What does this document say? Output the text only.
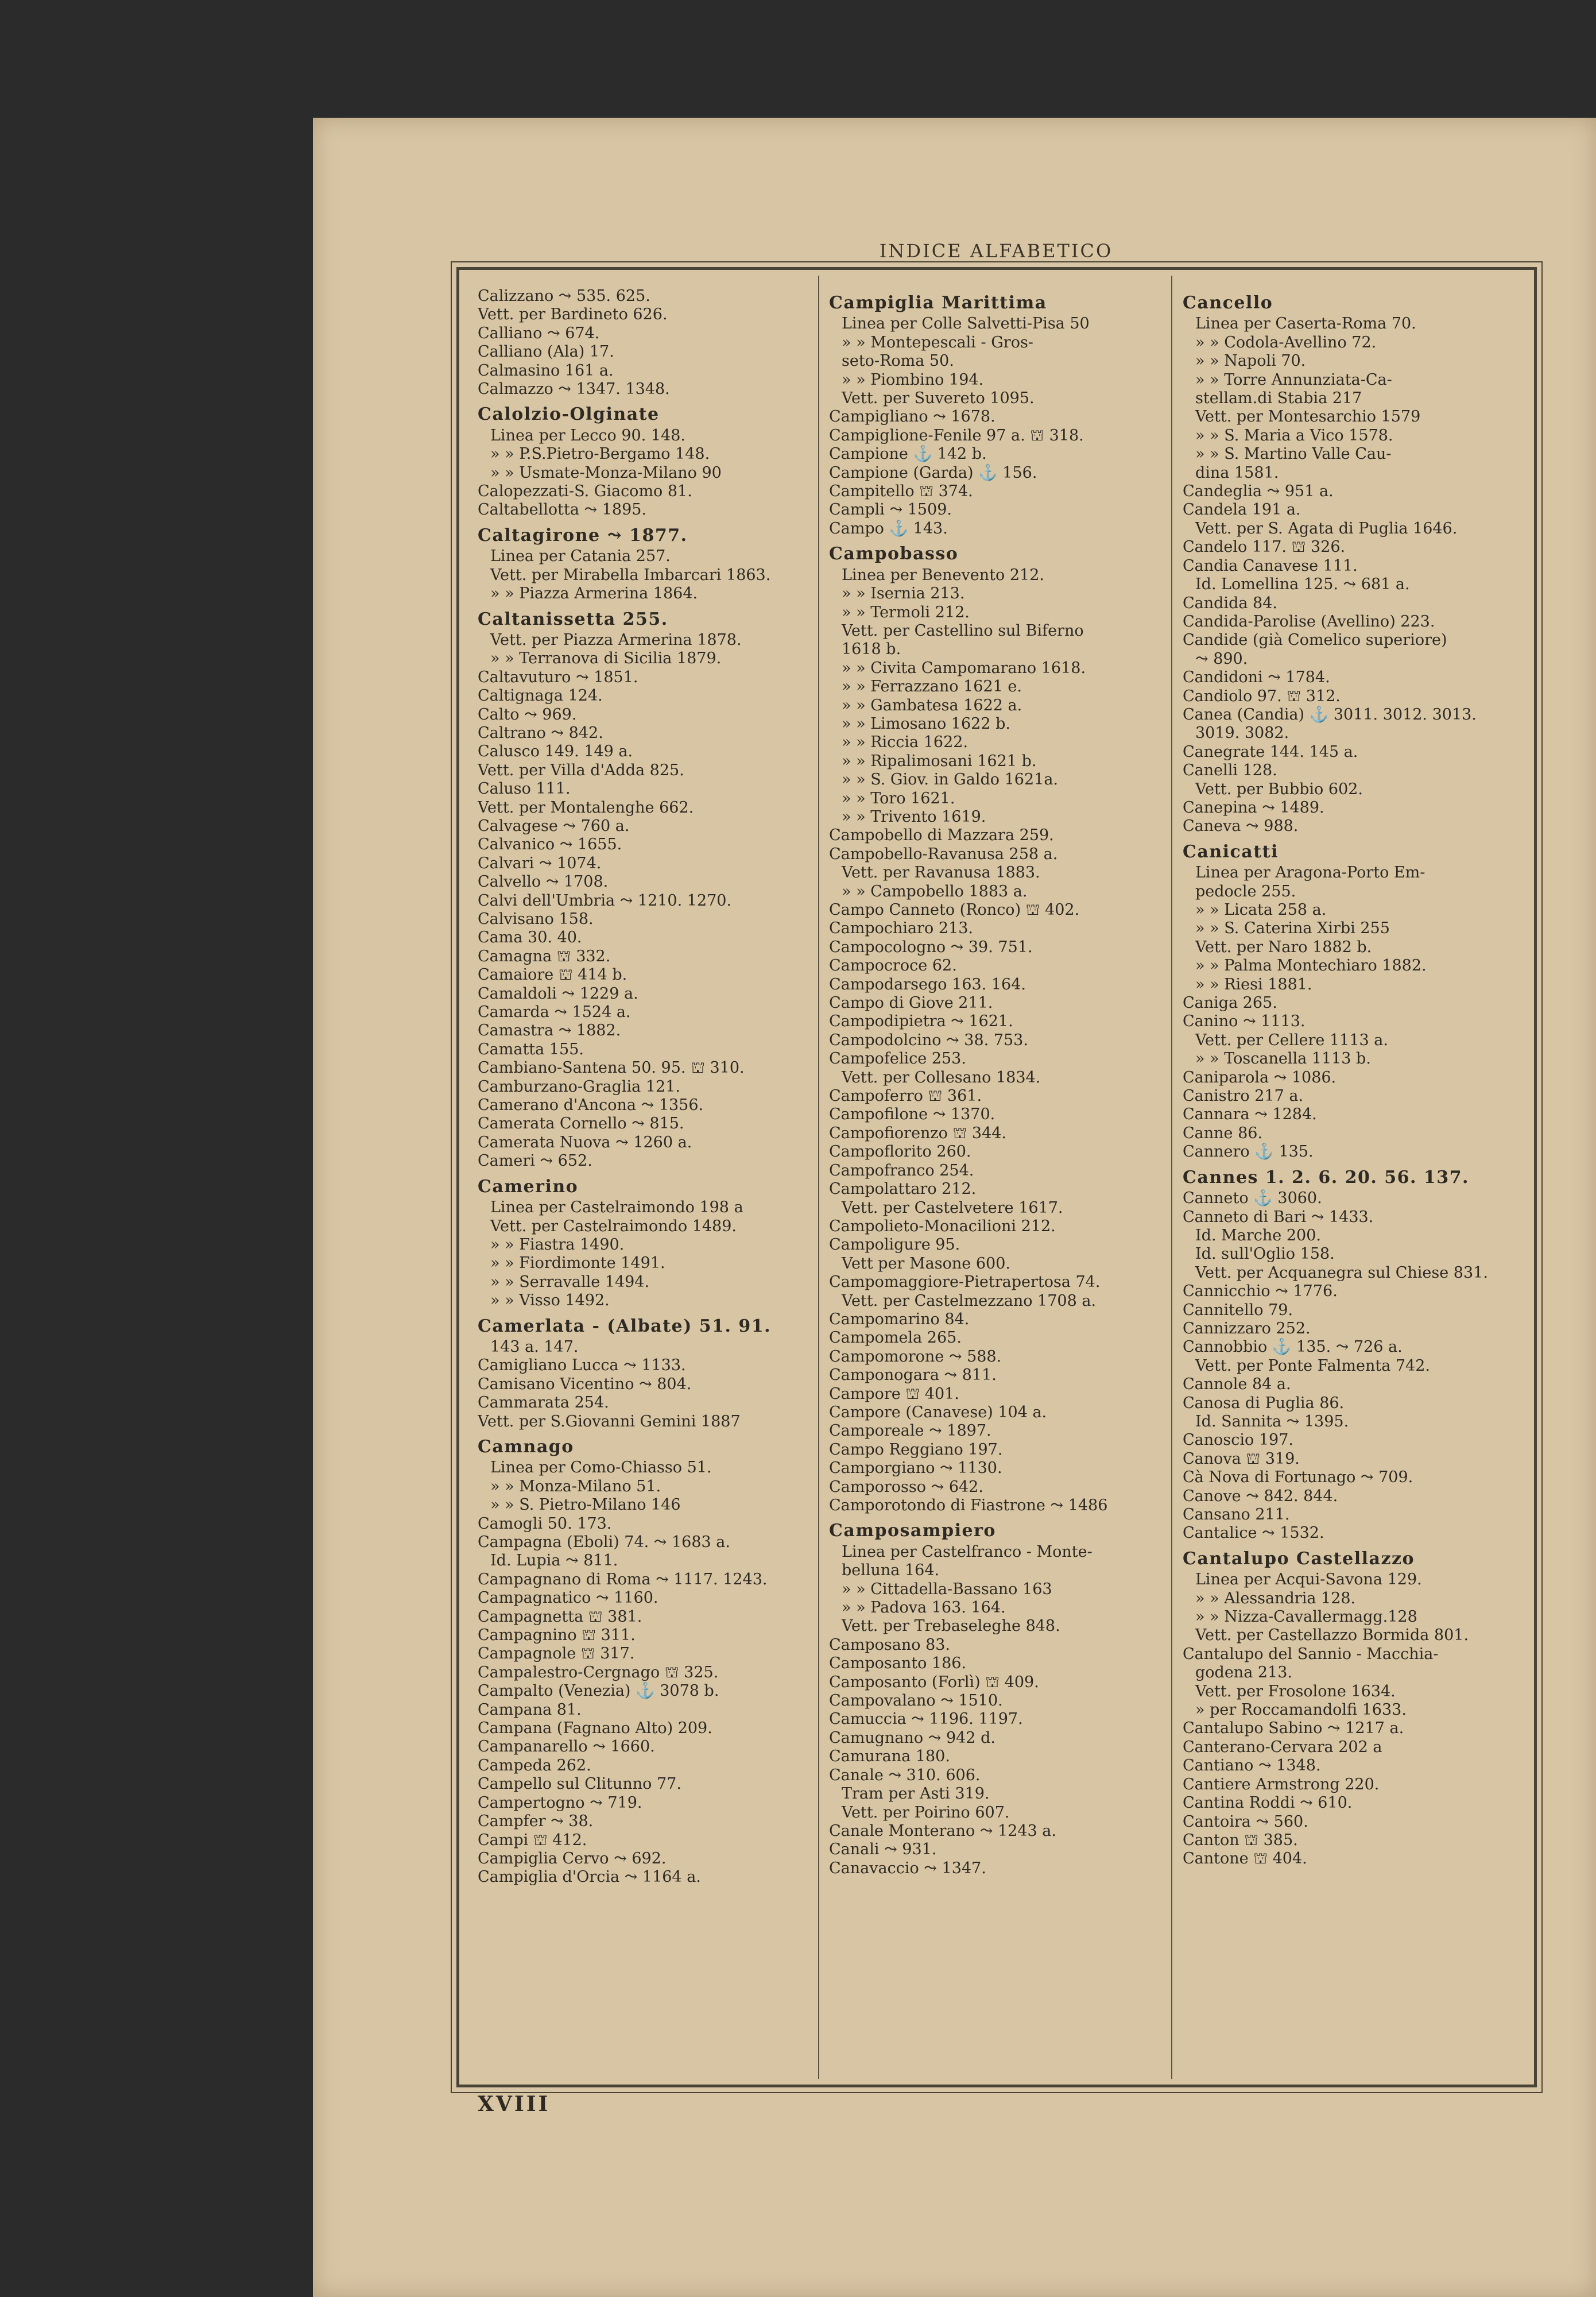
INDICE ALFABETICO
Calizzano ⤳ 535. 625.
Vett. per Bardineto 626.
Calliano ⤳ 674.
Calliano (Ala) 17.
Calmasino 161 a.
Calmazzo ⤳ 1347. 1348.
Calolzio-Olginate
Linea per Lecco 90. 148.
» » P.S.Pietro-Bergamo 148.
» » Usmate-Monza-Milano 90
Calopezzati-S. Giacomo 81.
Caltabellotta ⤳ 1895.
Caltagirone ⤳ 1877.
Linea per Catania 257.
Vett. per Mirabella Imbarcari 1863.
» » Piazza Armerina 1864.
Caltanissetta 255.
Vett. per Piazza Armerina 1878.
» » Terranova di Sicilia 1879.
Caltavuturo ⤳ 1851.
Caltignaga 124.
Calto ⤳ 969.
Caltrano ⤳ 842.
Calusco 149. 149 a.
Vett. per Villa d'Adda 825.
Caluso 111.
Vett. per Montalenghe 662.
Calvagese ⤳ 760 a.
Calvanico ⤳ 1655.
Calvari ⤳ 1074.
Calvello ⤳ 1708.
Calvi dell'Umbria ⤳ 1210. 1270.
Calvisano 158.
Cama 30. 40.
Camagna ⛫ 332.
Camaiore ⛫ 414 b.
Camaldoli ⤳ 1229 a.
Camarda ⤳ 1524 a.
Camastra ⤳ 1882.
Camatta 155.
Cambiano-Santena 50. 95. ⛫ 310.
Camburzano-Graglia 121.
Camerano d'Ancona ⤳ 1356.
Camerata Cornello ⤳ 815.
Camerata Nuova ⤳ 1260 a.
Cameri ⤳ 652.
Camerino
Linea per Castelraimondo 198 a
Vett. per Castelraimondo 1489.
» » Fiastra 1490.
» » Fiordimonte 1491.
» » Serravalle 1494.
» » Visso 1492.
Camerlata - (Albate) 51. 91.
143 a. 147.
Camigliano Lucca ⤳ 1133.
Camisano Vicentino ⤳ 804.
Cammarata 254.
Vett. per S.Giovanni Gemini 1887
Camnago
Linea per Como-Chiasso 51.
» » Monza-Milano 51.
» » S. Pietro-Milano 146
Camogli 50. 173.
Campagna (Eboli) 74. ⤳ 1683 a.
Id. Lupia ⤳ 811.
Campagnano di Roma ⤳ 1117. 1243.
Campagnatico ⤳ 1160.
Campagnetta ⛫ 381.
Campagnino ⛫ 311.
Campagnole ⛫ 317.
Campalestro-Cergnago ⛫ 325.
Campalto (Venezia) ⚓ 3078 b.
Campana 81.
Campana (Fagnano Alto) 209.
Campanarello ⤳ 1660.
Campeda 262.
Campello sul Clitunno 77.
Campertogno ⤳ 719.
Campfer ⤳ 38.
Campi ⛫ 412.
Campiglia Cervo ⤳ 692.
Campiglia d'Orcia ⤳ 1164 a.
Campiglia Marittima
Linea per Colle Salvetti-Pisa 50
» » Montepescali - Gros-
seto-Roma 50.
» » Piombino 194.
Vett. per Suvereto 1095.
Campigliano ⤳ 1678.
Campiglione-Fenile 97 a. ⛫ 318.
Campione ⚓ 142 b.
Campione (Garda) ⚓ 156.
Campitello ⛫ 374.
Campli ⤳ 1509.
Campo ⚓ 143.
Campobasso
Linea per Benevento 212.
» » Isernia 213.
» » Termoli 212.
Vett. per Castellino sul Biferno
1618 b.
» » Civita Campomarano 1618.
» » Ferrazzano 1621 e.
» » Gambatesa 1622 a.
» » Limosano 1622 b.
» » Riccia 1622.
» » Ripalimosani 1621 b.
» » S. Giov. in Galdo 1621a.
» » Toro 1621.
» » Trivento 1619.
Campobello di Mazzara 259.
Campobello-Ravanusa 258 a.
Vett. per Ravanusa 1883.
» » Campobello 1883 a.
Campo Canneto (Ronco) ⛫ 402.
Campochiaro 213.
Campocologno ⤳ 39. 751.
Campocroce 62.
Campodarsego 163. 164.
Campo di Giove 211.
Campodipietra ⤳ 1621.
Campodolcino ⤳ 38. 753.
Campofelice 253.
Vett. per Collesano 1834.
Campoferro ⛫ 361.
Campofilone ⤳ 1370.
Campofiorenzo ⛫ 344.
Campoflorito 260.
Campofranco 254.
Campolattaro 212.
Vett. per Castelvetere 1617.
Campolieto-Monacilioni 212.
Campoligure 95.
Vett per Masone 600.
Campomaggiore-Pietrapertosa 74.
Vett. per Castelmezzano 1708 a.
Campomarino 84.
Campomela 265.
Campomorone ⤳ 588.
Camponogara ⤳ 811.
Campore ⛫ 401.
Campore (Canavese) 104 a.
Camporeale ⤳ 1897.
Campo Reggiano 197.
Camporgiano ⤳ 1130.
Camporosso ⤳ 642.
Camporotondo di Fiastrone ⤳ 1486
Camposampiero
Linea per Castelfranco - Monte-
belluna 164.
» » Cittadella-Bassano 163
» » Padova 163. 164.
Vett. per Trebaseleghe 848.
Camposano 83.
Camposanto 186.
Camposanto (Forlì) ⛫ 409.
Campovalano ⤳ 1510.
Camuccia ⤳ 1196. 1197.
Camugnano ⤳ 942 d.
Camurana 180.
Canale ⤳ 310. 606.
Tram per Asti 319.
Vett. per Poirino 607.
Canale Monterano ⤳ 1243 a.
Canali ⤳ 931.
Canavaccio ⤳ 1347.
Cancello
Linea per Caserta-Roma 70.
» » Codola-Avellino 72.
» » Napoli 70.
» » Torre Annunziata-Ca-
stellam.di Stabia 217
Vett. per Montesarchio 1579
» » S. Maria a Vico 1578.
» » S. Martino Valle Cau-
dina 1581.
Candeglia ⤳ 951 a.
Candela 191 a.
Vett. per S. Agata di Puglia 1646.
Candelo 117. ⛫ 326.
Candia Canavese 111.
Id. Lomellina 125. ⤳ 681 a.
Candida 84.
Candida-Parolise (Avellino) 223.
Candide (già Comelico superiore)
⤳ 890.
Candidoni ⤳ 1784.
Candiolo 97. ⛫ 312.
Canea (Candia) ⚓ 3011. 3012. 3013.
3019. 3082.
Canegrate 144. 145 a.
Canelli 128.
Vett. per Bubbio 602.
Canepina ⤳ 1489.
Caneva ⤳ 988.
Canicatti
Linea per Aragona-Porto Em-
pedocle 255.
» » Licata 258 a.
» » S. Caterina Xirbi 255
Vett. per Naro 1882 b.
» » Palma Montechiaro 1882.
» » Riesi 1881.
Caniga 265.
Canino ⤳ 1113.
Vett. per Cellere 1113 a.
» » Toscanella 1113 b.
Caniparola ⤳ 1086.
Canistro 217 a.
Cannara ⤳ 1284.
Canne 86.
Cannero ⚓ 135.
Cannes 1. 2. 6. 20. 56. 137.
Canneto ⚓ 3060.
Canneto di Bari ⤳ 1433.
Id. Marche 200.
Id. sull'Oglio 158.
Vett. per Acquanegra sul Chiese 831.
Cannicchio ⤳ 1776.
Cannitello 79.
Cannizzaro 252.
Cannobbio ⚓ 135. ⤳ 726 a.
Vett. per Ponte Falmenta 742.
Cannole 84 a.
Canosa di Puglia 86.
Id. Sannita ⤳ 1395.
Canoscio 197.
Canova ⛫ 319.
Cà Nova di Fortunago ⤳ 709.
Canove ⤳ 842. 844.
Cansano 211.
Cantalice ⤳ 1532.
Cantalupo Castellazzo
Linea per Acqui-Savona 129.
» » Alessandria 128.
» » Nizza-Cavallermagg.128
Vett. per Castellazzo Bormida 801.
Cantalupo del Sannio - Macchia-
godena 213.
Vett. per Frosolone 1634.
» per Roccamandolfi 1633.
Cantalupo Sabino ⤳ 1217 a.
Canterano-Cervara 202 a
Cantiano ⤳ 1348.
Cantiere Armstrong 220.
Cantina Roddi ⤳ 610.
Cantoira ⤳ 560.
Canton ⛫ 385.
Cantone ⛫ 404.
XVIII
